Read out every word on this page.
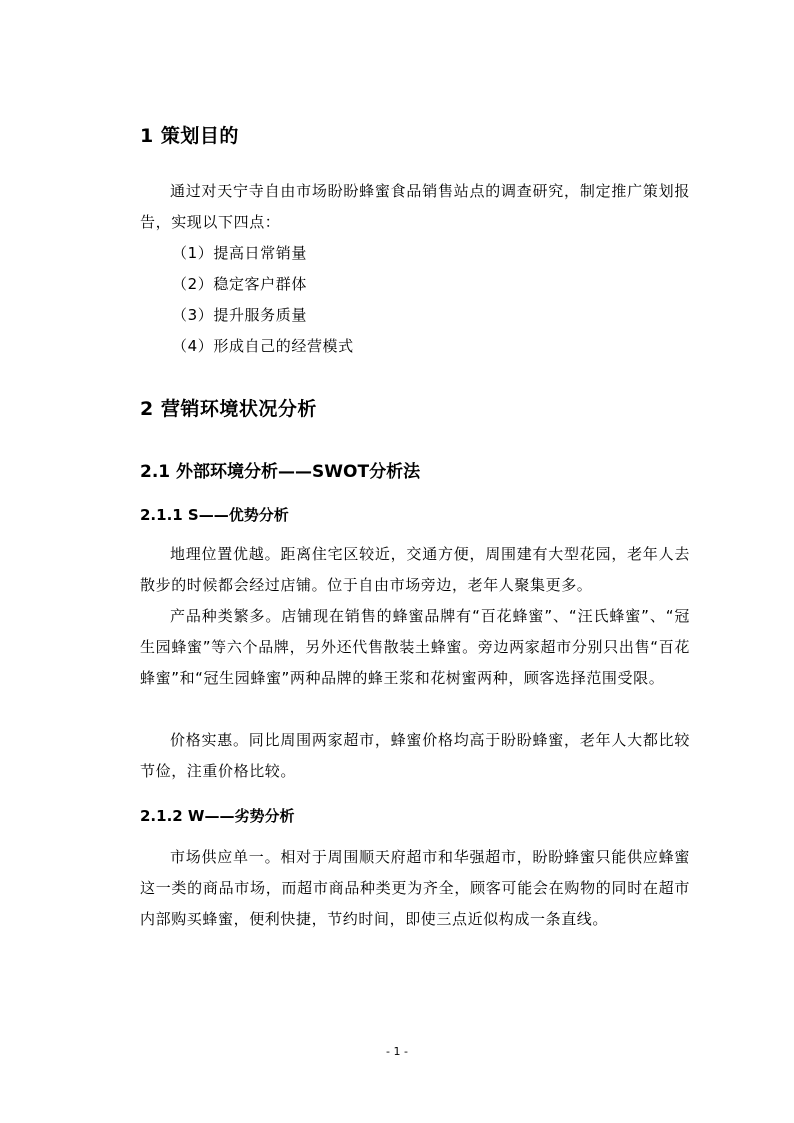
1 策划目的

通过对天宁寺自由市场盼盼蜂蜜食品销售站点的调查研究，制定推广策划报告，实现以下四点：

（1）提高日常销量
（2）稳定客户群体
（3）提升服务质量
（4）形成自己的经营模式
2 营销环境状况分析
2.1 外部环境分析——SWOT分析法
2.1.1 S——优势分析

地理位置优越。距离住宅区较近，交通方便，周围建有大型花园，老年人去散步的时候都会经过店铺。位于自由市场旁边，老年人聚集更多。

产品种类繁多。店铺现在销售的蜂蜜品牌有“百花蜂蜜”、“汪氏蜂蜜”、“冠生园蜂蜜”等六个品牌，另外还代售散装土蜂蜜。旁边两家超市分别只出售“百花蜂蜜”和“冠生园蜂蜜”两种品牌的蜂王浆和花树蜜两种，顾客选择范围受限。

价格实惠。同比周围两家超市，蜂蜜价格均高于盼盼蜂蜜，老年人大都比较节俭，注重价格比较。

2.1.2 W——劣势分析

市场供应单一。相对于周围顺天府超市和华强超市，盼盼蜂蜜只能供应蜂蜜这一类的商品市场，而超市商品种类更为齐全，顾客可能会在购物的同时在超市内部购买蜂蜜，便利快捷，节约时间，即使三点近似构成一条直线。

- 1 -
